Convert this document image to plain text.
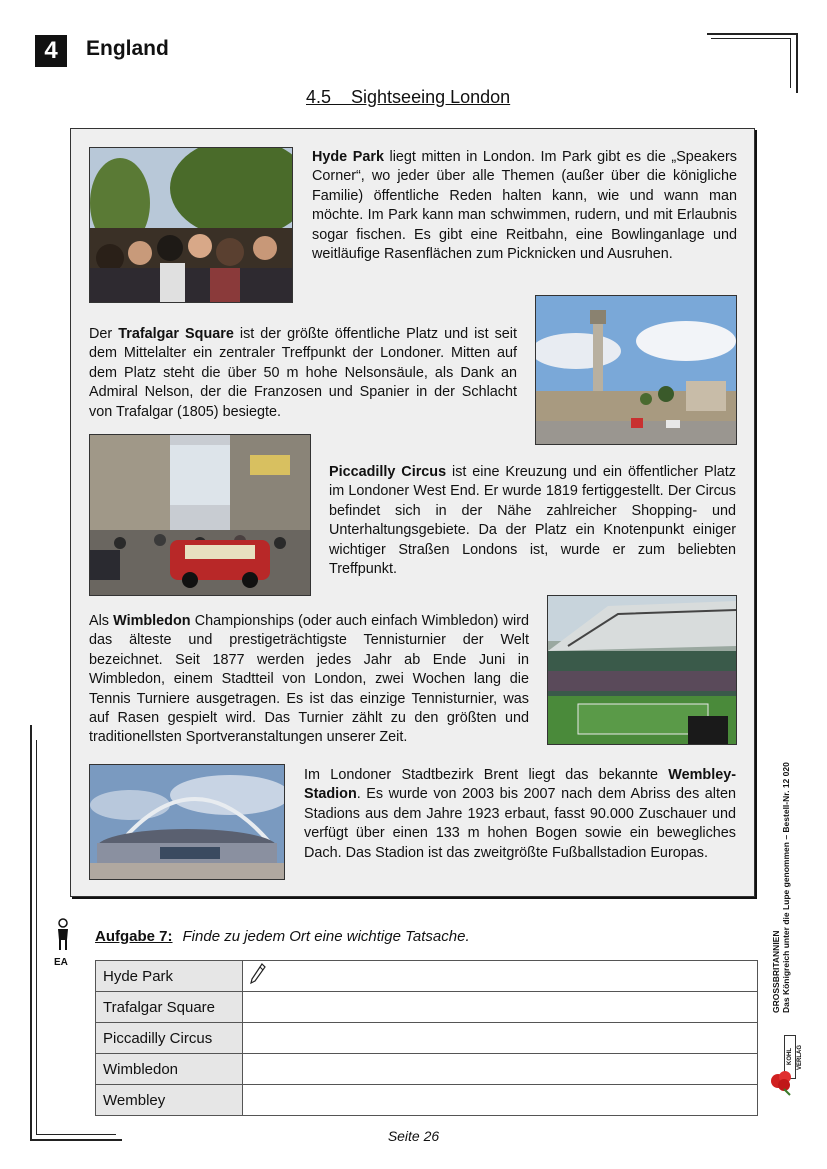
4	England
4.5    Sightseeing London
Hyde Park liegt mitten in London. Im Park gibt es die „Speakers Corner“, wo jeder über alle Themen (außer über die königliche Familie) öffentliche Reden halten kann, wie und wann man möchte. Im Park kann man schwimmen, rudern, und mit Erlaubnis sogar fischen. Es gibt eine Reitbahn, eine Bowlinganlage und weitläufige Rasenflächen zum Picknicken und Ausruhen.
Der Trafalgar Square ist der größte öffentliche Platz und ist seit dem Mittelalter ein zentraler Treffpunkt der Londoner. Mitten auf dem Platz steht die über 50 m hohe Nelsonsäule, als Dank an Admiral Nelson, der die Franzosen und Spanier in der Schlacht von Trafalgar (1805) besiegte.
Piccadilly Circus ist eine Kreuzung und ein öffentlicher Platz im Londoner West End. Er wurde 1819 fertiggestellt. Der Circus befindet sich in der Nähe zahlreicher Shopping- und Unterhaltungsgebiete. Da der Platz ein Knotenpunkt einiger wichtiger Straßen Londons ist, wurde er zum beliebten Treffpunkt.
Als Wimbledon Championships (oder auch einfach Wimbledon) wird das älteste und prestigeträchtigste Tennisturnier der Welt bezeichnet. Seit 1877 werden jedes Jahr ab Ende Juni in Wimbledon, einem Stadtteil von London, zwei Wochen lang die Tennis Turniere ausgetragen. Es ist das einzige Tennisturnier, was auf Rasen gespielt wird. Das Turnier zählt zu den größten und traditionellsten Sportveranstaltungen unserer Zeit.
Im Londoner Stadtbezirk Brent liegt das bekannte Wembley-Stadion. Es wurde von 2003 bis 2007 nach dem Abriss des alten Stadions aus dem Jahre 1923 erbaut, fasst 90.000 Zuschauer und verfügt über einen 133 m hohen Bogen sowie ein bewegliches Dach. Das Stadion ist das zweitgrößte Fußballstadion Europas.
EA
Aufgabe 7: Finde zu jedem Ort eine wichtige Tatsache.
Hyde Park	
Trafalgar Square	
Piccadilly Circus	
Wimbledon	
Wembley	
GROSSBRITANNIEN Das Königreich unter die Lupe genommen – Bestell-Nr. 12 020
KOHL VERLAG
Seite 26
